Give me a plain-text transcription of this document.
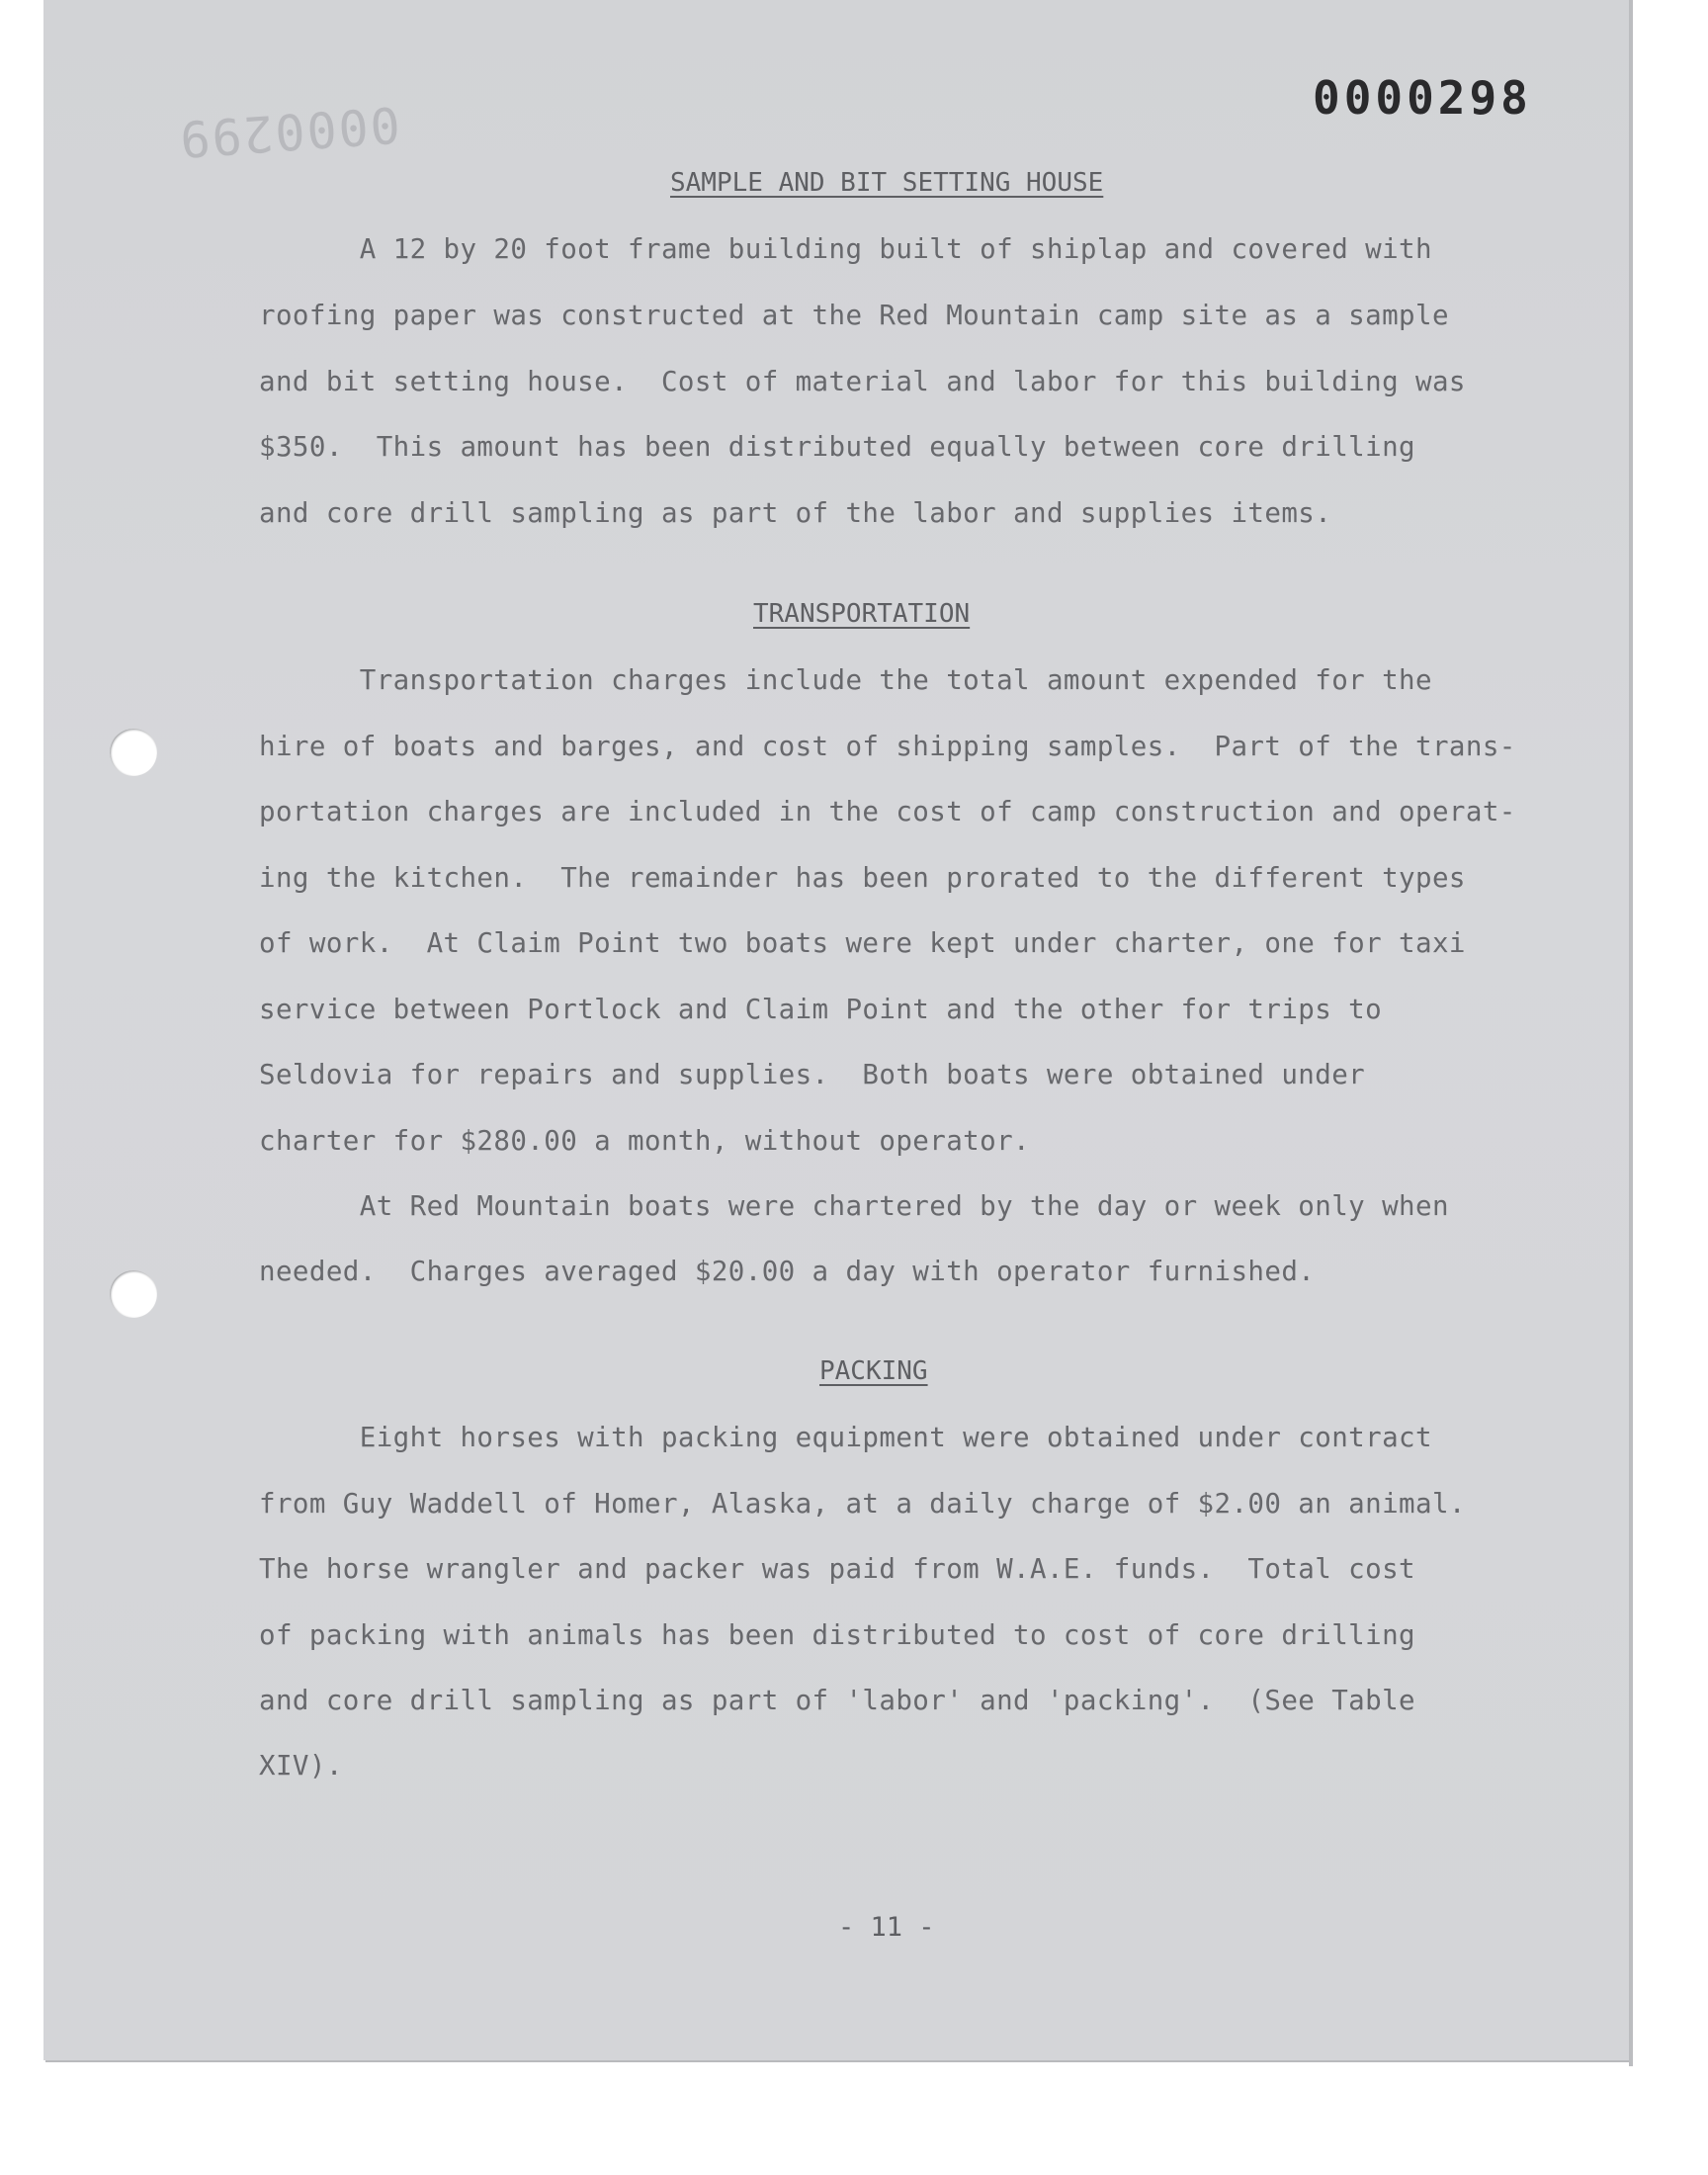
0000299	0000298
SAMPLE AND BIT SETTING HOUSE
A 12 by 20 foot frame building built of shiplap and covered with
roofing paper was constructed at the Red Mountain camp site as a sample
and bit setting house.  Cost of material and labor for this building was
$350.  This amount has been distributed equally between core drilling
and core drill sampling as part of the labor and supplies items.
TRANSPORTATION
Transportation charges include the total amount expended for the
hire of boats and barges, and cost of shipping samples.  Part of the trans-
portation charges are included in the cost of camp construction and operat-
ing the kitchen.  The remainder has been prorated to the different types
of work.  At Claim Point two boats were kept under charter, one for taxi
service between Portlock and Claim Point and the other for trips to
Seldovia for repairs and supplies.  Both boats were obtained under
charter for $280.00 a month, without operator.
At Red Mountain boats were chartered by the day or week only when
needed.  Charges averaged $20.00 a day with operator furnished.
PACKING
Eight horses with packing equipment were obtained under contract
from Guy Waddell of Homer, Alaska, at a daily charge of $2.00 an animal.
The horse wrangler and packer was paid from W.A.E. funds.  Total cost
of packing with animals has been distributed to cost of core drilling
and core drill sampling as part of 'labor' and 'packing'.  (See Table
XIV).
- 11 -
